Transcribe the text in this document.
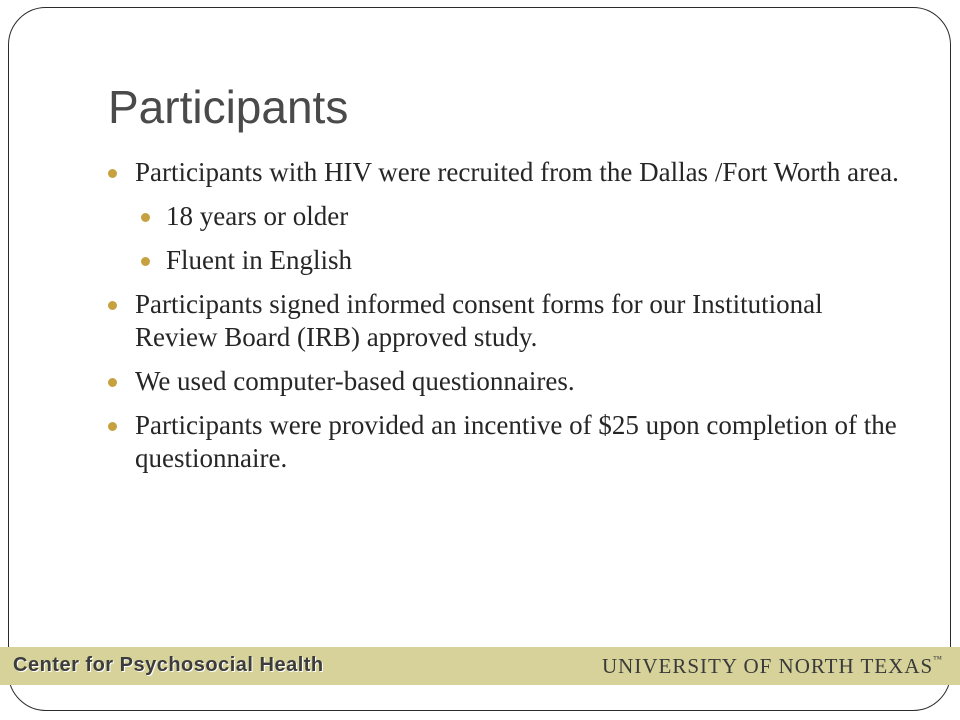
Participants
Participants with HIV were recruited from the Dallas /Fort Worth area.
18 years or older
Fluent in English
Participants signed informed consent forms for our Institutional Review Board (IRB) approved study.
We used computer-based questionnaires.
Participants were provided an incentive of $25 upon completion of the questionnaire.
Center for Psychosocial Health	UNIVERSITY OF NORTH TEXAS™
